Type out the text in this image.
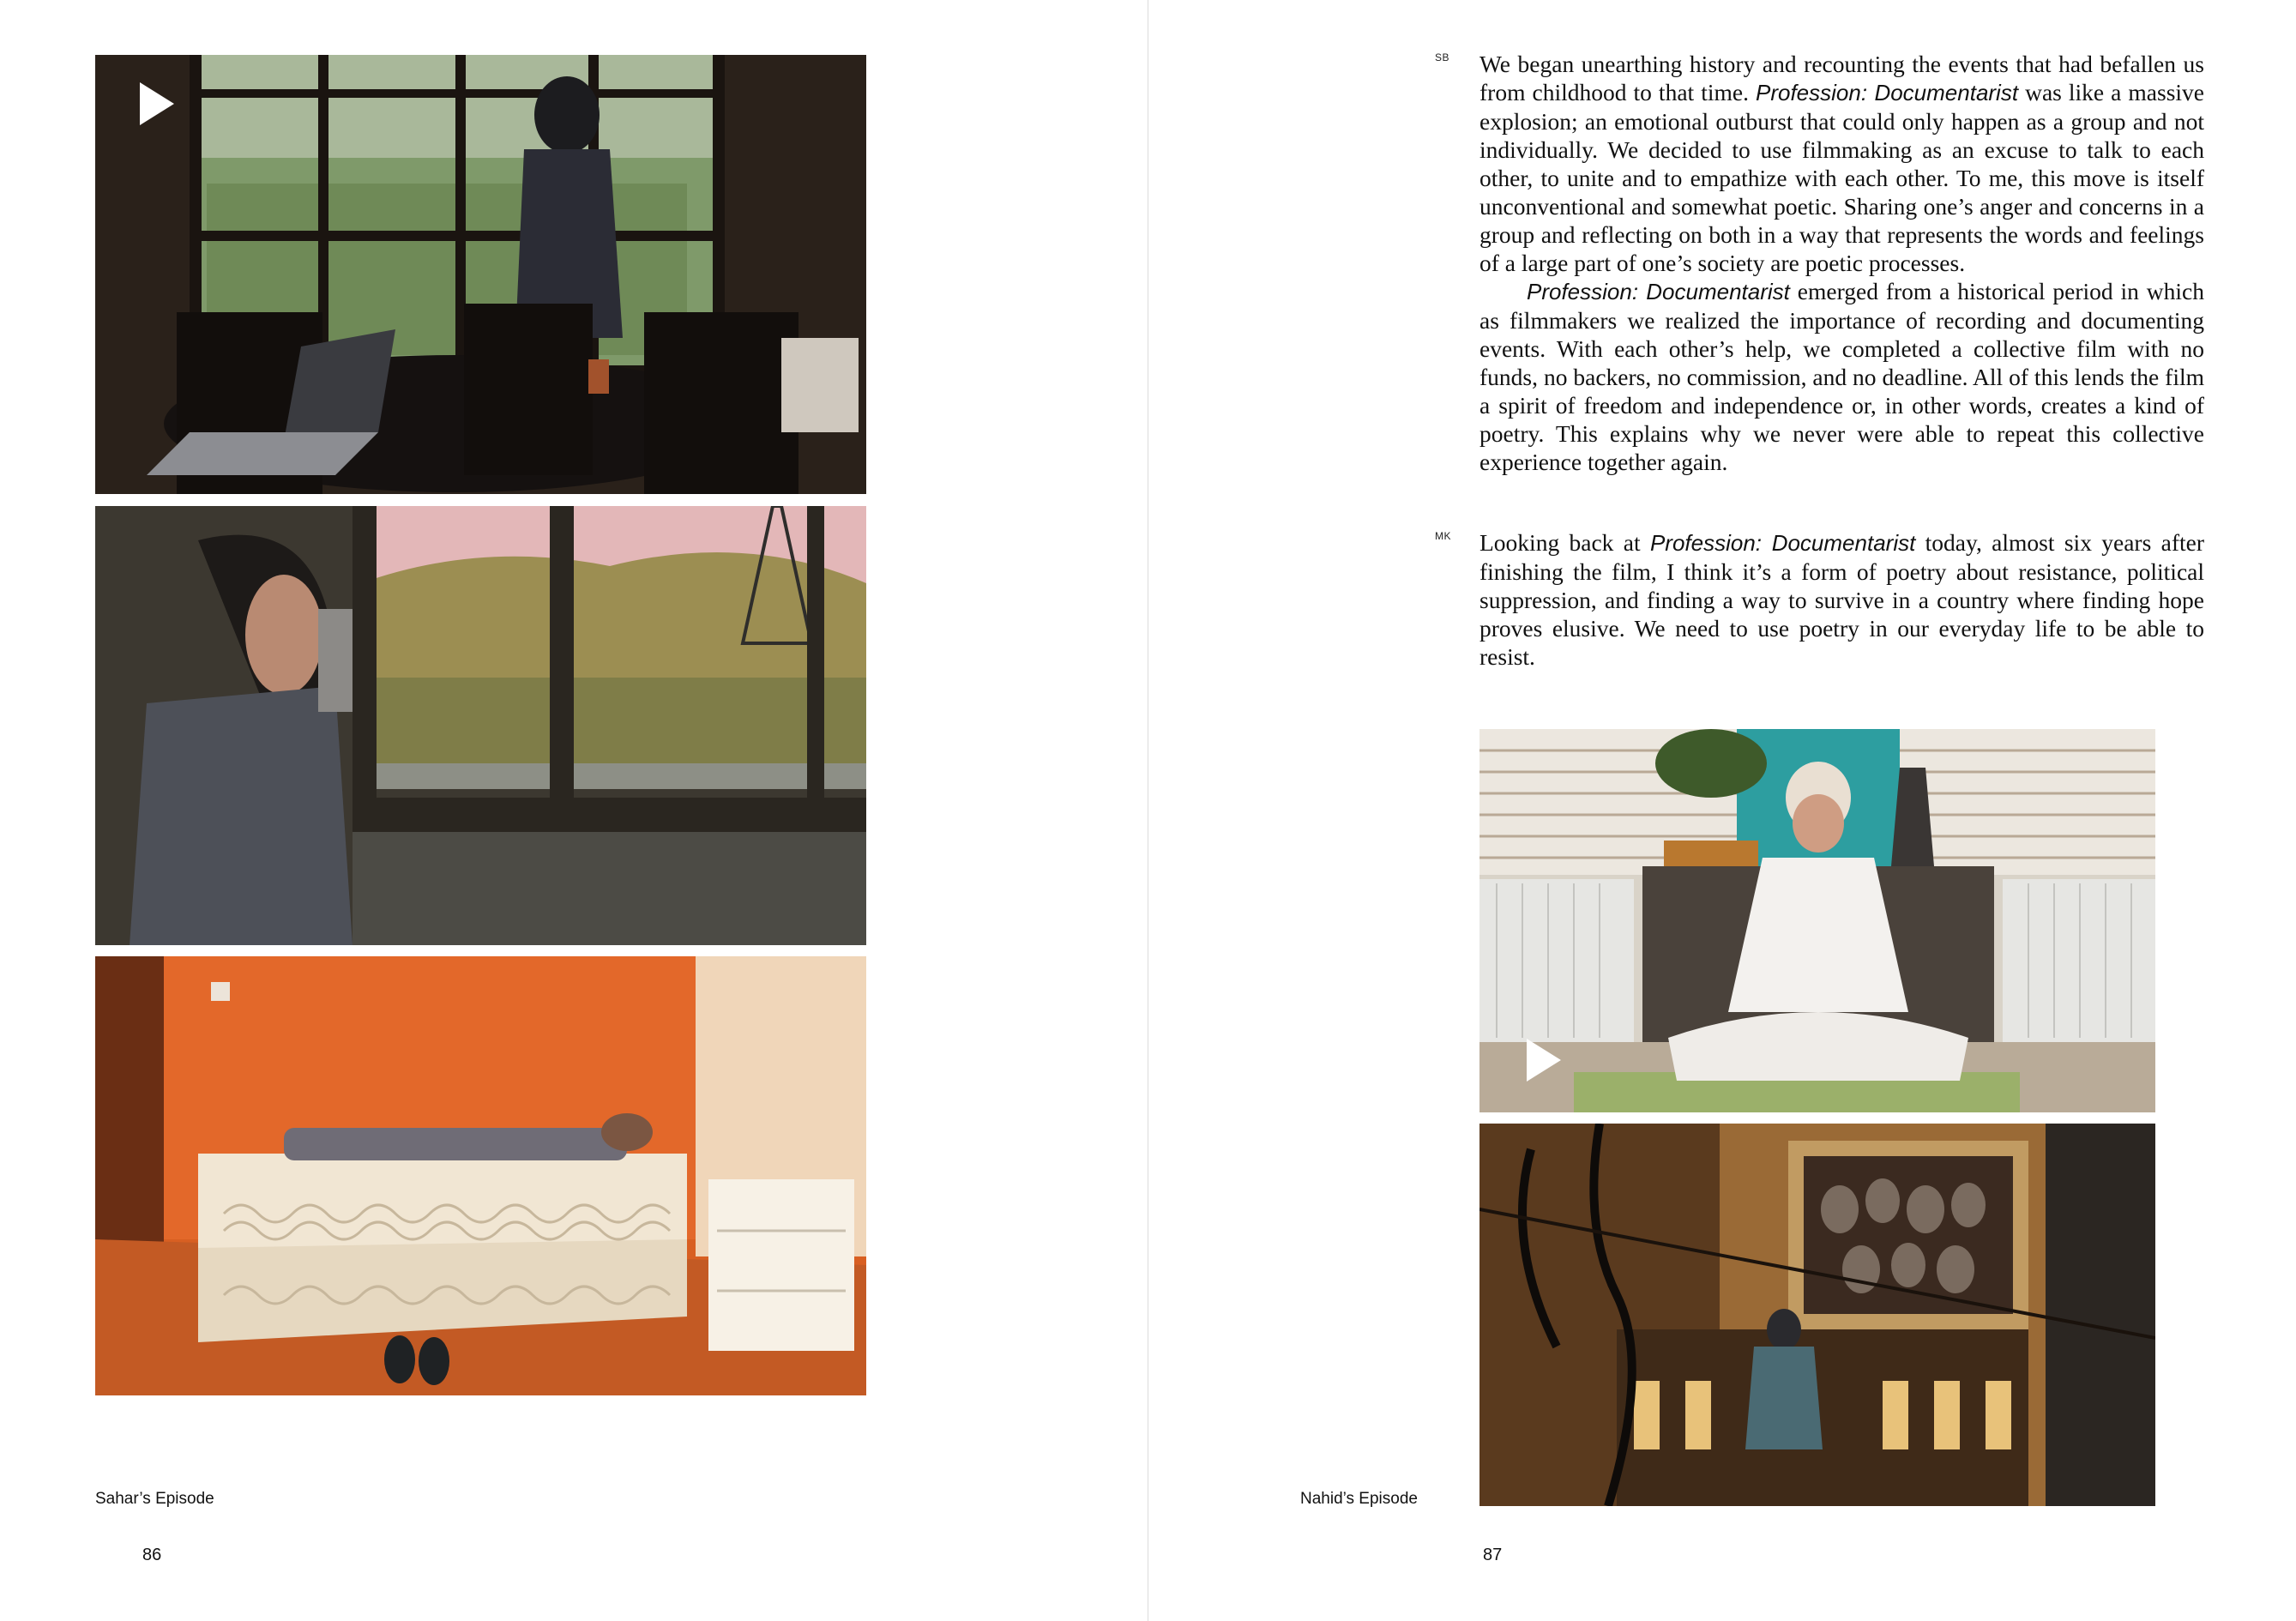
Sahar’s Episode
86
SB We began unearthing history and recounting the events that had befallen us from childhood to that time. Profession: Documentarist was like a massive explosion; an emotional outburst that could only happen as a group and not individually. We decided to use filmmaking as an excuse to talk to each other, to unite and to empathize with each other. To me, this move is itself unconventional and somewhat poetic. Sharing one’s anger and concerns in a group and reflecting on both in a way that represents the words and feelings of a large part of one’s society are poetic processes.

Profession: Documentarist emerged from a historical period in which as filmmakers we realized the importance of recording and documenting events. With each other’s help, we completed a collective film with no funds, no backers, no commission, and no deadline. All of this lends the film a spirit of freedom and independence or, in other words, creates a kind of poetry. This explains why we never were able to repeat this collective experience together again.

MK Looking back at Profession: Documentarist today, almost six years after finishing the film, I think it’s a form of poetry about resistance, political suppression, and finding a way to survive in a country where finding hope proves elusive. We need to use poetry in our everyday life to be able to resist.

Nahid’s Episode
87
